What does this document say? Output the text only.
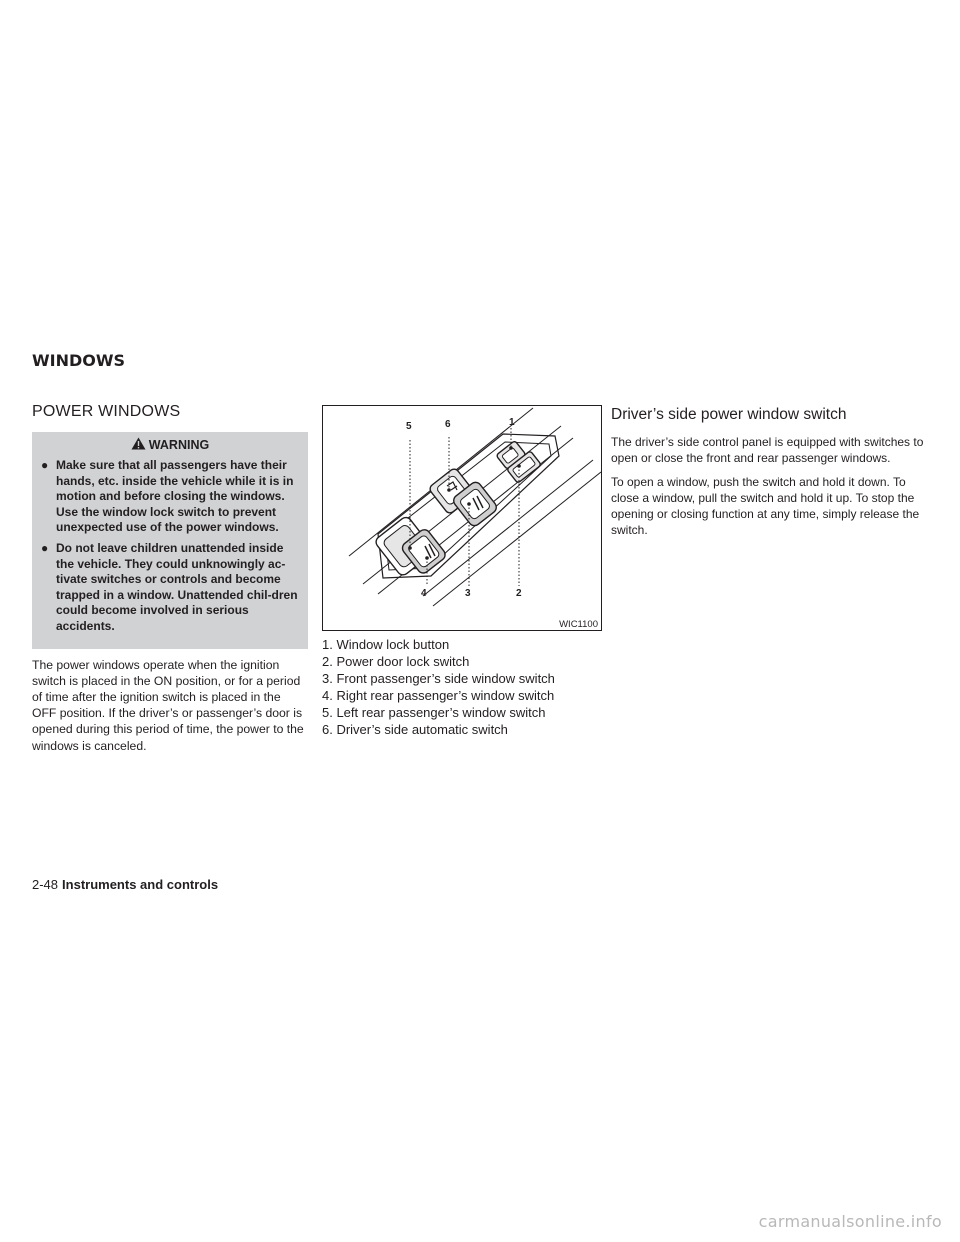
WINDOWS
POWER WINDOWS
WARNING
● Make sure that all passengers have their hands, etc. inside the vehicle while it is in motion and before closing the windows. Use the window lock switch to prevent unexpected use of the power windows.
● Do not leave children unattended inside the vehicle. They could unknowingly ac-tivate switches or controls and become trapped in a window. Unattended chil-dren could become involved in serious accidents.

The power windows operate when the ignition switch is placed in the ON position, or for a period of time after the ignition switch is placed in the OFF position. If the driver’s or passenger’s door is opened during this period of time, the power to the windows is canceled.

5	6	1
4	3	2
WIC1100
1. Window lock button
2. Power door lock switch
3. Front passenger’s side window switch
4. Right rear passenger’s window switch
5. Left rear passenger’s window switch
6. Driver’s side automatic switch
Driver’s side power window switch

The driver’s side control panel is equipped with switches to open or close the front and rear passenger windows.

To open a window, push the switch and hold it down. To close a window, pull the switch and hold it up. To stop the opening or closing function at any time, simply release the switch.

2-48 Instruments and controls
carmanualsonline.info
